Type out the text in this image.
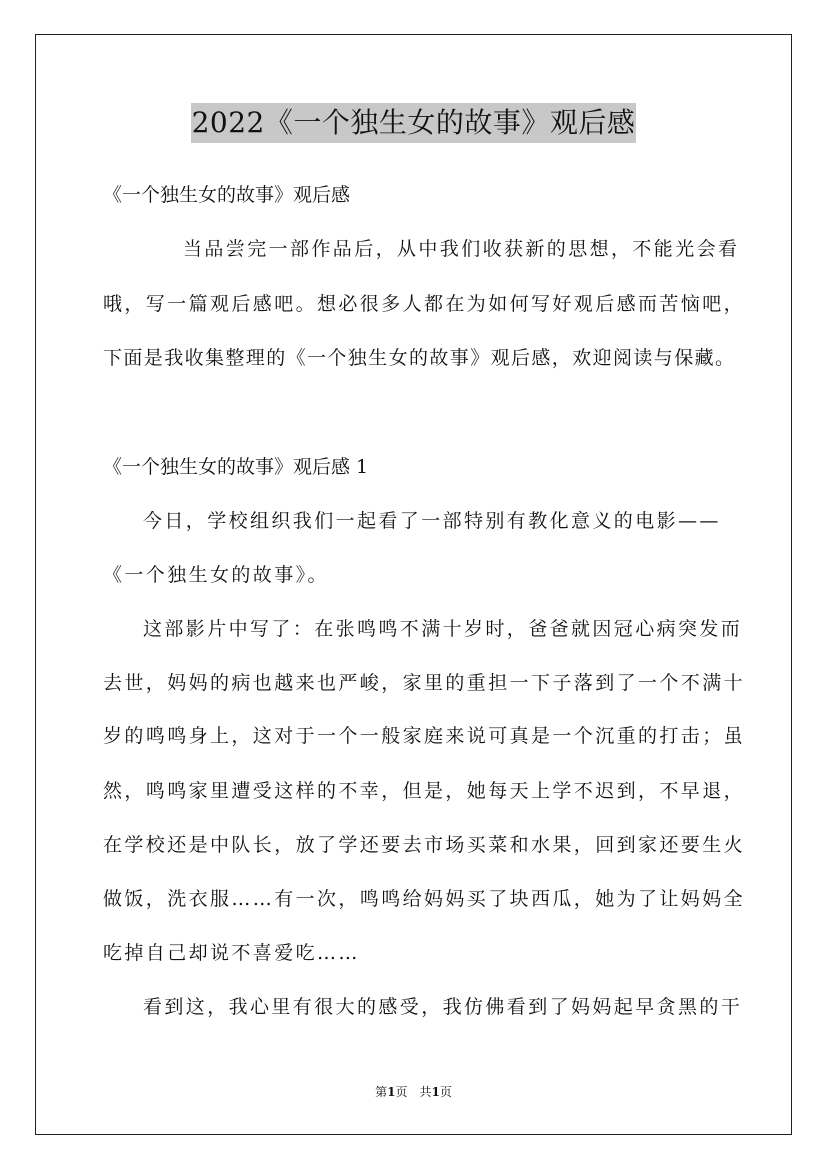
2022《一个独生女的故事》观后感

《一个独生女的故事》观后感

当品尝完一部作品后，从中我们收获新的思想，不能光会看

哦，写一篇观后感吧。想必很多人都在为如何写好观后感而苦恼吧，

下面是我收集整理的《一个独生女的故事》观后感，欢迎阅读与保藏。

《一个独生女的故事》观后感 1

今日，学校组织我们一起看了一部特别有教化意义的电影——

《一个独生女的故事》。

这部影片中写了：在张鸣鸣不满十岁时，爸爸就因冠心病突发而

去世，妈妈的病也越来也严峻，家里的重担一下子落到了一个不满十

岁的鸣鸣身上，这对于一个一般家庭来说可真是一个沉重的打击；虽

然，鸣鸣家里遭受这样的不幸，但是，她每天上学不迟到，不早退，

在学校还是中队长，放了学还要去市场买菜和水果，回到家还要生火

做饭，洗衣服……有一次，鸣鸣给妈妈买了块西瓜，她为了让妈妈全

吃掉自己却说不喜爱吃……

看到这，我心里有很大的感受，我仿佛看到了妈妈起早贪黑的干

第1页　共1页
